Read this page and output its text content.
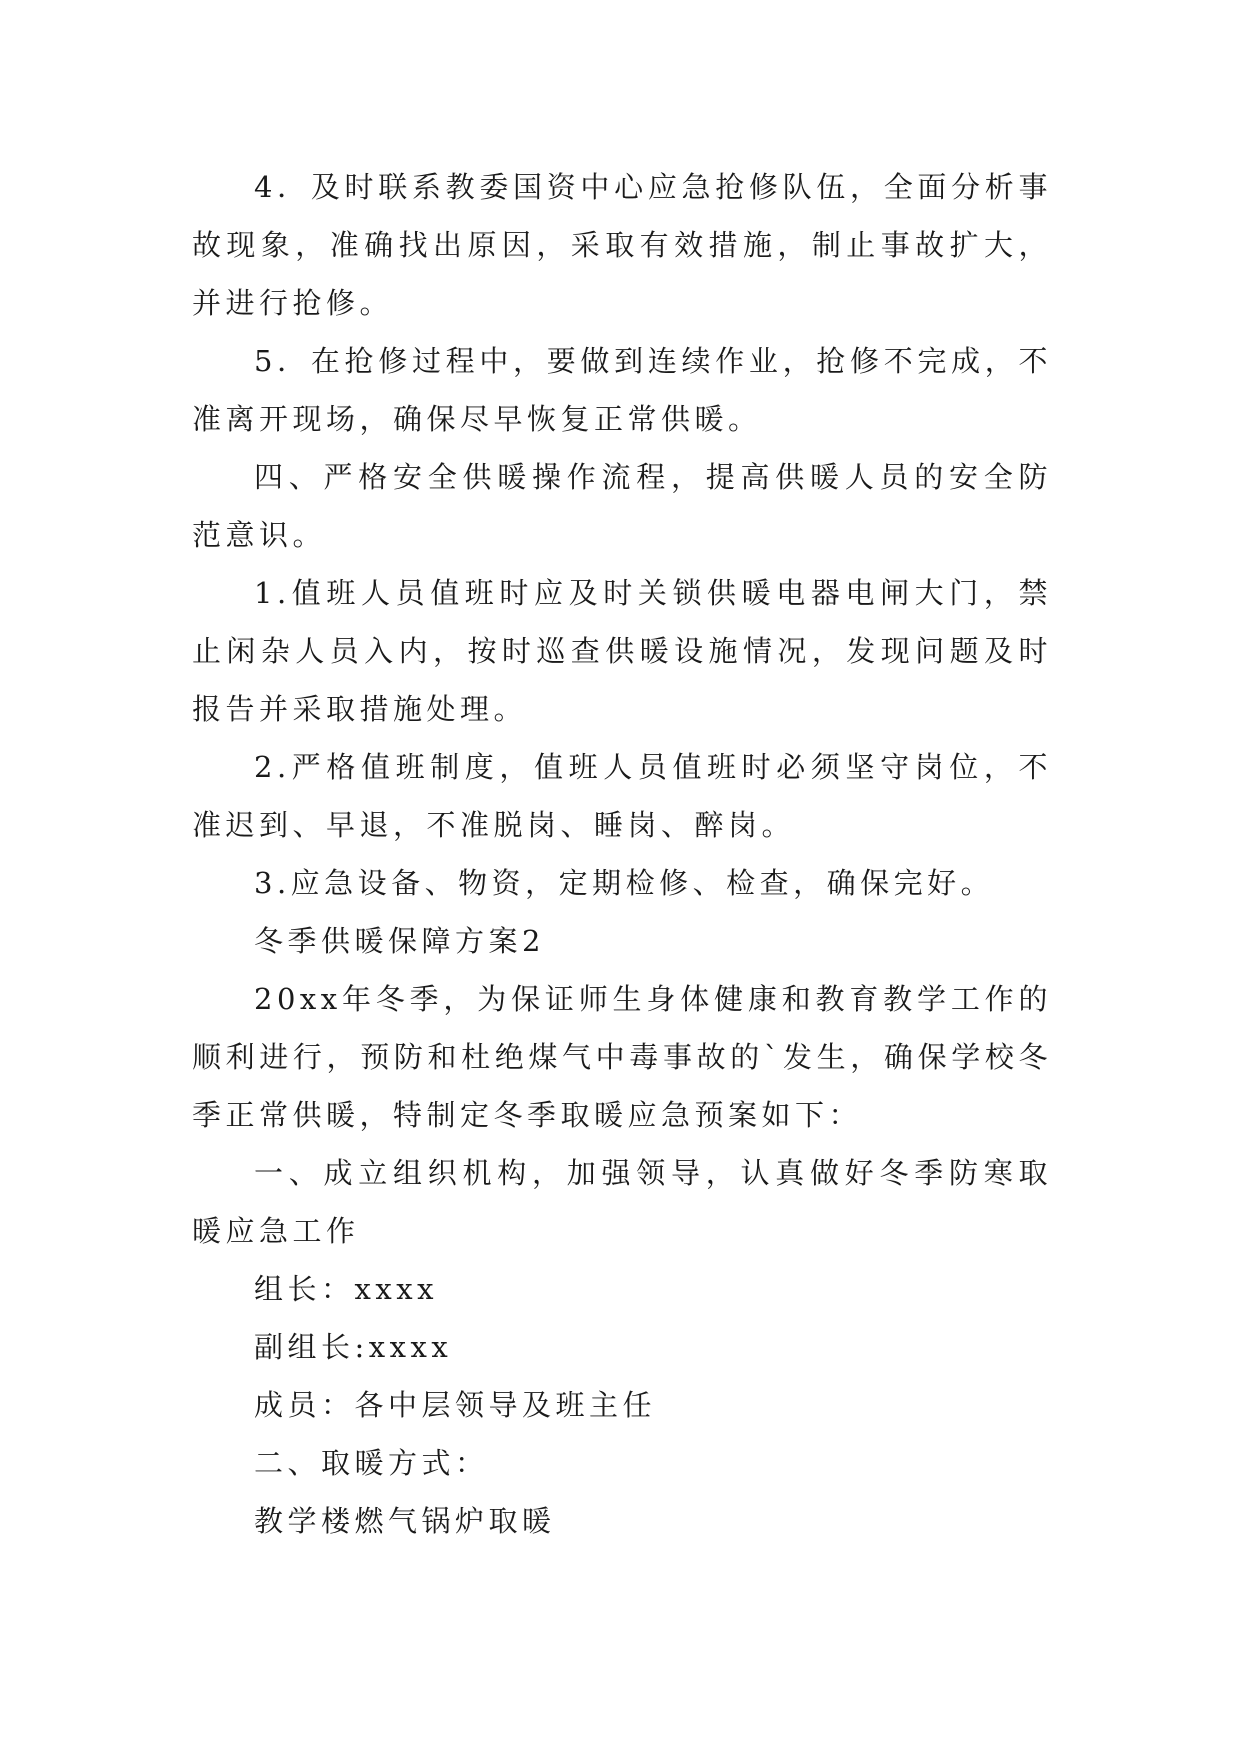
4．及时联系教委国资中心应急抢修队伍，全面分析事故现象，准确找出原因，采取有效措施，制止事故扩大，并进行抢修。

5．在抢修过程中，要做到连续作业，抢修不完成，不准离开现场，确保尽早恢复正常供暖。

四、严格安全供暖操作流程，提高供暖人员的安全防范意识。

1.值班人员值班时应及时关锁供暖电器电闸大门，禁止闲杂人员入内，按时巡查供暖设施情况，发现问题及时报告并采取措施处理。

2.严格值班制度，值班人员值班时必须坚守岗位，不准迟到、早退，不准脱岗、睡岗、醉岗。

3.应急设备、物资，定期检修、检查，确保完好。

冬季供暖保障方案2

20xx年冬季，为保证师生身体健康和教育教学工作的顺利进行，预防和杜绝煤气中毒事故的`发生，确保学校冬季正常供暖，特制定冬季取暖应急预案如下：

一、成立组织机构，加强领导，认真做好冬季防寒取暖应急工作

组长：xxxx

副组长:xxxx

成员：各中层领导及班主任

二、取暖方式：

教学楼燃气锅炉取暖
